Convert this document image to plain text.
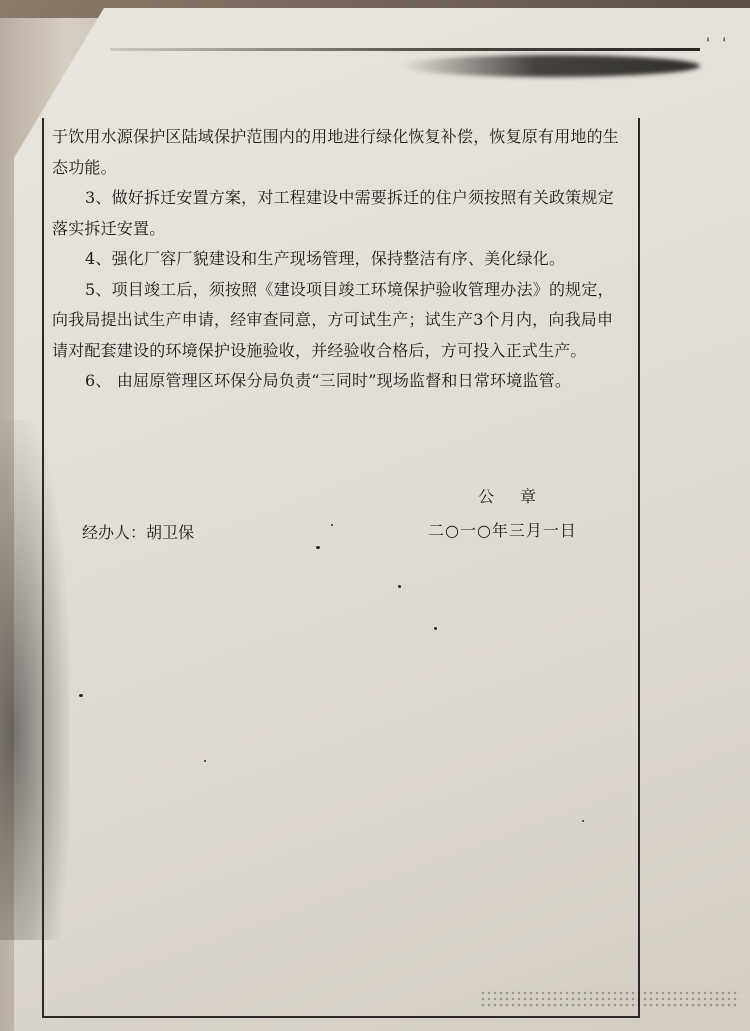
' '

于饮用水源保护区陆域保护范围内的用地进行绿化恢复补偿，恢复原有用地的生

态功能。

3、做好拆迁安置方案，对工程建设中需要拆迁的住户须按照有关政策规定

落实拆迁安置。

4、强化厂容厂貌建设和生产现场管理，保持整洁有序、美化绿化。

5、项目竣工后，须按照《建设项目竣工环境保护验收管理办法》的规定，

向我局提出试生产申请，经审查同意，方可试生产；试生产3个月内，向我局申

请对配套建设的环境保护设施验收，并经验收合格后，方可投入正式生产。

6、 由屈原管理区环保分局负责“三同时”现场监督和日常环境监管。

公章
经办人：胡卫保	二○一○年三月一日
